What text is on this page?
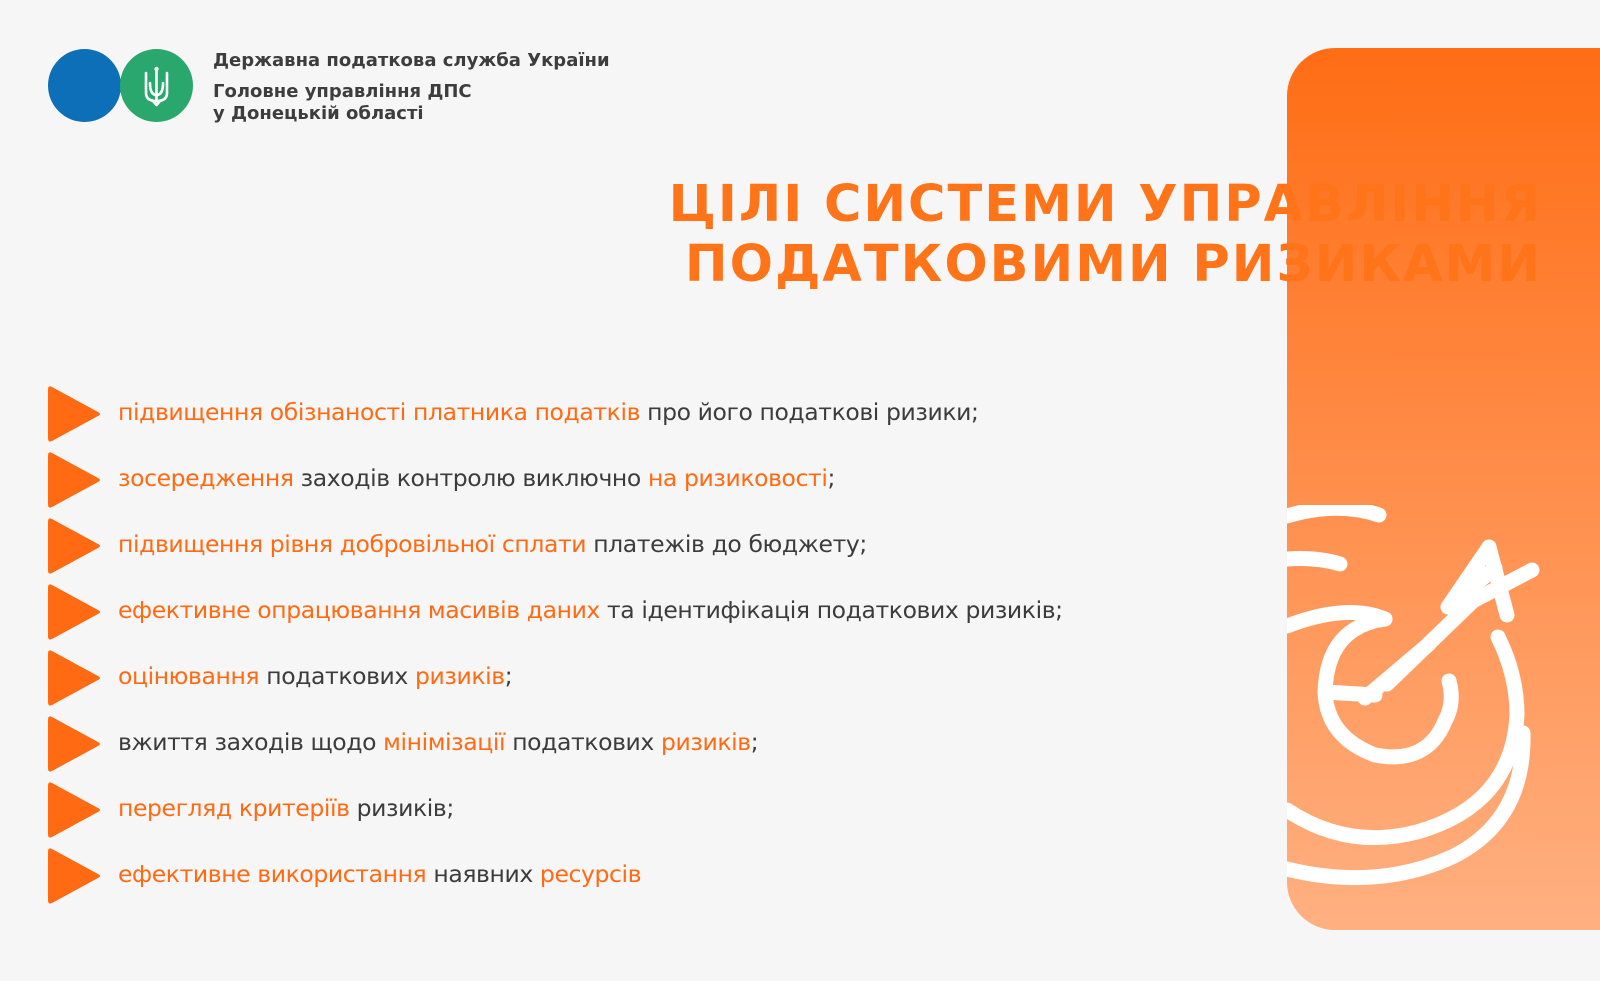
Державна податкова служба України
Головне управління ДПС
у Донецькій області
ЦІЛІ СИСТЕМИ УПРАВЛІННЯ
ПОДАТКОВИМИ РИЗИКАМИ
підвищення обізнаності платника податків про його податкові ризики;
зосередження заходів контролю виключно на ризиковості;
підвищення рівня добровільної сплати платежів до бюджету;
ефективне опрацювання масивів даних та ідентифікація податкових ризиків;
оцінювання податкових ризиків;
вжиття заходів щодо мінімізації податкових ризиків;
перегляд критеріїв ризиків;
ефективне використання наявних ресурсів
